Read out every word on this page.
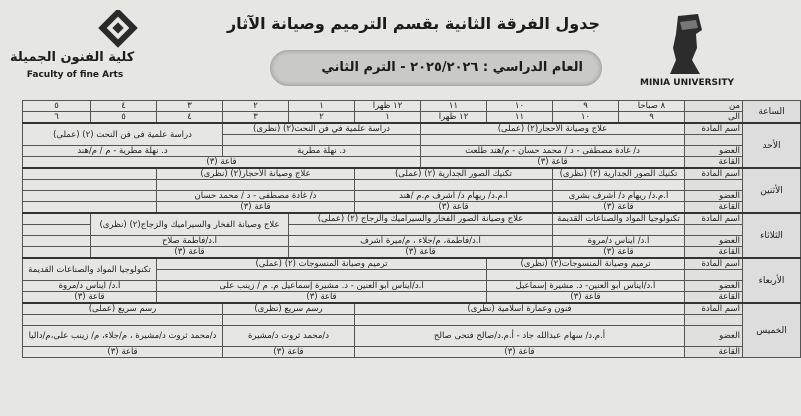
كلية الفنون الجميلة
Faculty of fine Arts
جدول الفرقة الثانية بقسم الترميم وصيانة الآثار
العام الدراسي : ٢٠٢٥/٢٠٢٦ - الترم الثاني
MINIA UNIVERSITY
الساعة	من	٨ صباحا	٩	١٠	١١	١٢ ظهرا	١	٢	٣	٤	٥
	الى	٩	١٠	١١	١٢ ظهرا	١	٢	٣	٤	٥	٦
الأحد	اسم المادة	علاج وصيانة الأحجار(٢) (عملى)				دراسة علمية في فن النحت(٢) (نظرى)			دراسة علمية فى فن النحت (٢) (عملى)		

	العضو	د/ غادة مصطفى - د / محمد حسان - م/هند طلعت				د. نهلة مطرية			د. نهلة مطرية - م / م/هند		
	القاعة	قاعة (٣)				قاعة (٣)					
الأثنين	اسم المادة	تكنيك الصور الجدارية (٢) (نظرى)		تكنيك الصور الجدارية (٢) (عملى)			علاج وصيانة الأحجار(٢) (نظرى)				

	العضو	أ.م.د/ ريهام د/ اشرف بشرى		أ.م.د/ ريهام د/ اشرف م.م /هند			د/ غادة مصطفى - د / محمد حسان				
	القاعة	قاعة (٣)		قاعة (٣)			قاعة (٣)				
الثلاثاء	اسم المادة	تكنولوجيا المواد والصناعات القديمة		علاج وصيانة الصور الفخار والسيراميك والزجاج (٢) (عملى)				علاج وصيانة الفخار والسيراميك والزجاج(٢) (نظرى)			

	العضو	أ.د/ ايناس د/مروة		أ.د/فاطمة، م/جلاء ، م/ميرة أشرف				أ.د/فاطمة صلاح			
	القاعة	قاعة (٣)		قاعة (٣)				قاعة (٣)			
الأربعاء	اسم المادة	ترميم وصيانة المنسوجات(٢) (نظرى)			ترميم وصيانة المنسوجات (٢) (عملى)					تكنولوجيا المواد والصناعات القديمة	

	العضو	أ.د/ايناس أبو العنين- د. مشيرة إسماعيل			أ.د/ايناس أبو العنين - د. مشيرة إسماعيل م. م / زينب على					أ.د/ ايناس د/مروة	
	القاعة	قاعة (٣)			قاعة (٣)					قاعة (٣)	
الخميس	اسم المادة	فنون وعمارة اسلامية (نظرى)					رسم سريع (نظرى)		رسم سريع (عملى)		

	العضو	أ.م.د/ سهام عبدالله جاد - أ.م.د/صالح فتحى صالح					د/محمد ثروت د/مشيرة		د/محمد ثروت د/مشيرة ، م/جلاء، م/ زينب على،م/داليا		
	القاعة	قاعة (٣)					قاعة (٣)		قاعة (٣)		
